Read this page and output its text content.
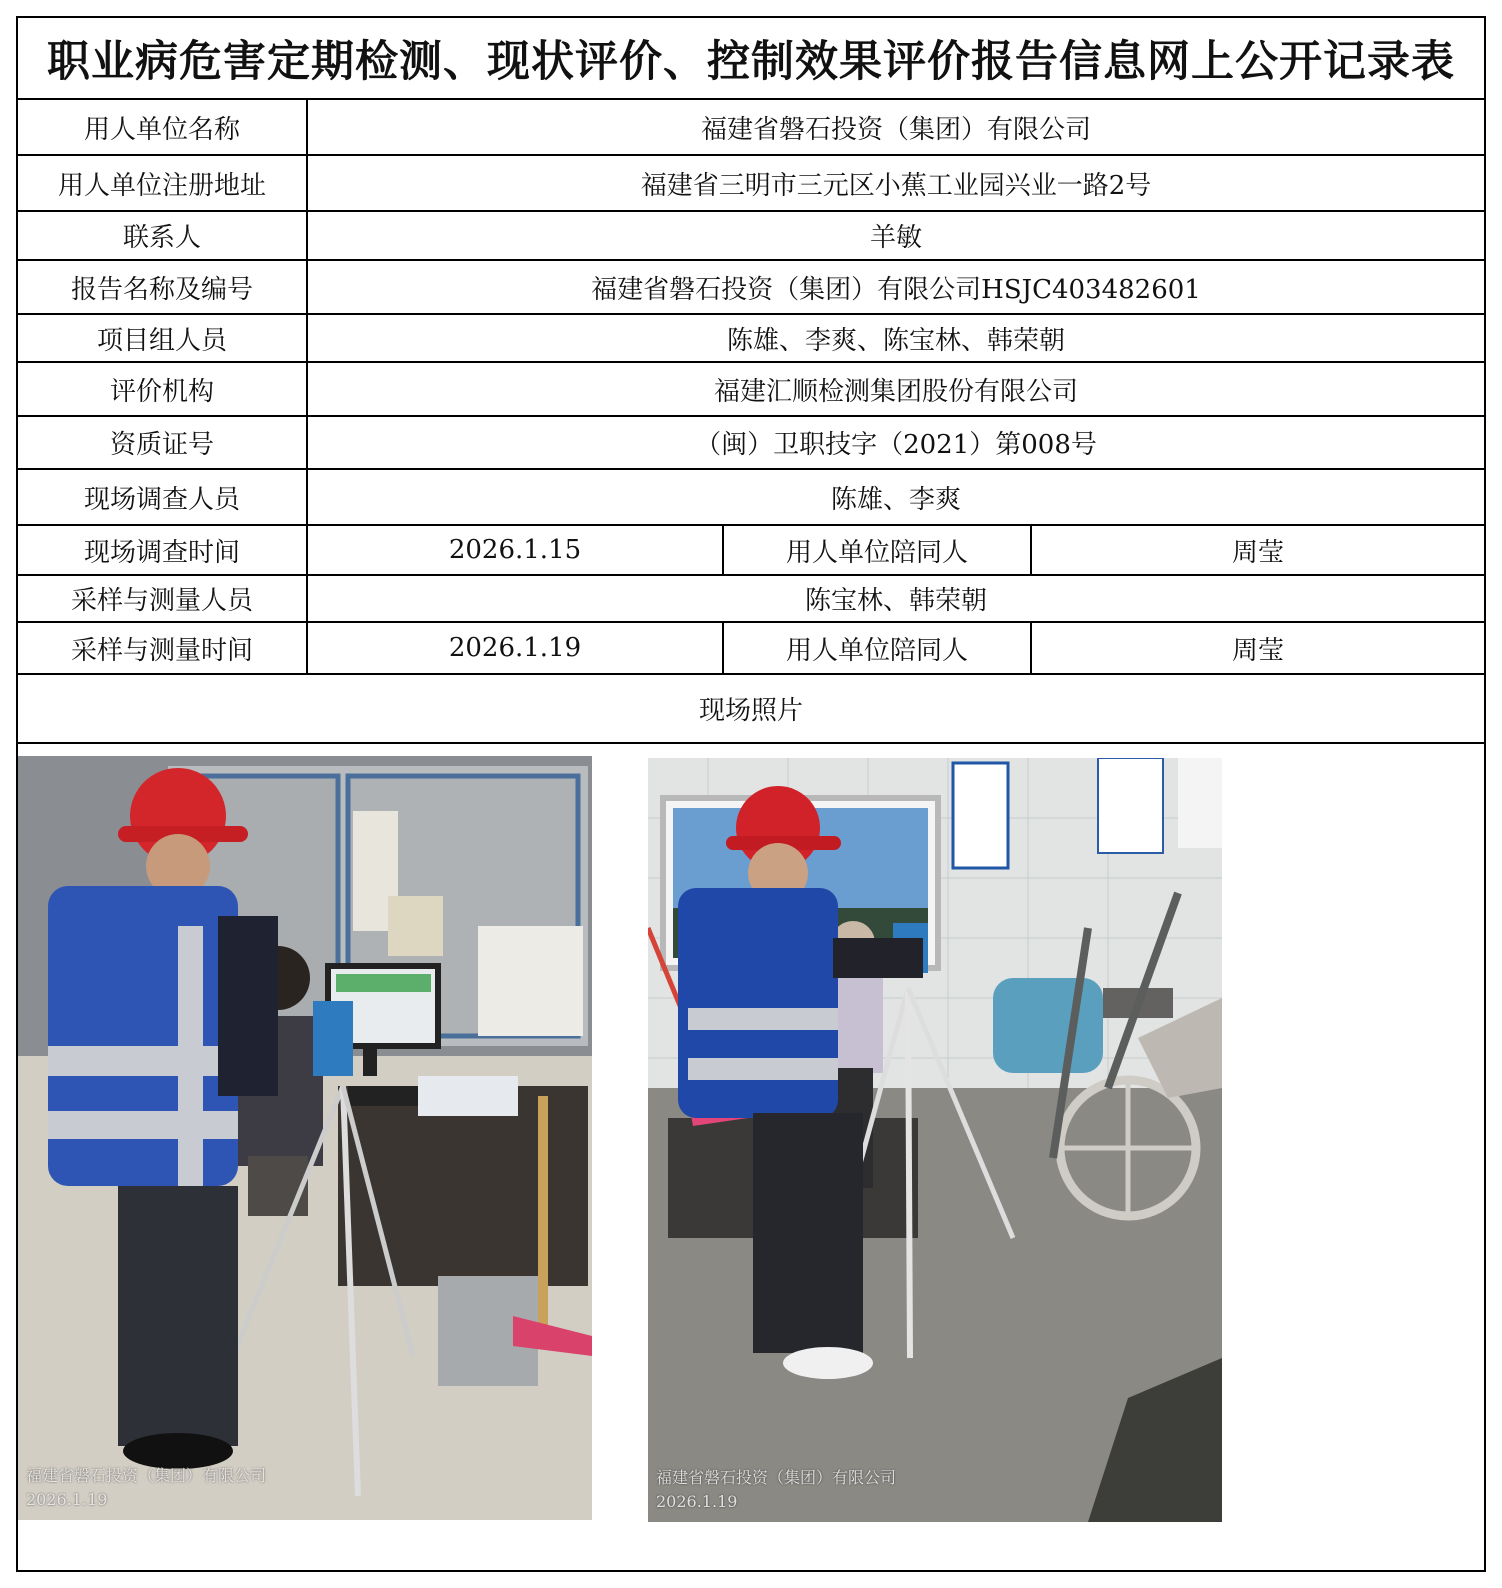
职业病危害定期检测、现状评价、控制效果评价报告信息网上公开记录表
用人单位名称	福建省磐石投资（集团）有限公司
用人单位注册地址	福建省三明市三元区小蕉工业园兴业一路2号
联系人	羊敏
报告名称及编号	福建省磐石投资（集团）有限公司HSJC403482601
项目组人员	陈雄、李爽、陈宝林、韩荣朝
评价机构	福建汇顺检测集团股份有限公司
资质证号	（闽）卫职技字（2021）第008号
现场调查人员	陈雄、李爽
现场调查时间	2026.1.15	用人单位陪同人	周莹
采样与测量人员	陈宝林、韩荣朝
采样与测量时间	2026.1.19	用人单位陪同人	周莹
现场照片
福建省磐石投资（集团）有限公司
2026.1.19
福建省磐石投资（集团）有限公司
2026.1.19
